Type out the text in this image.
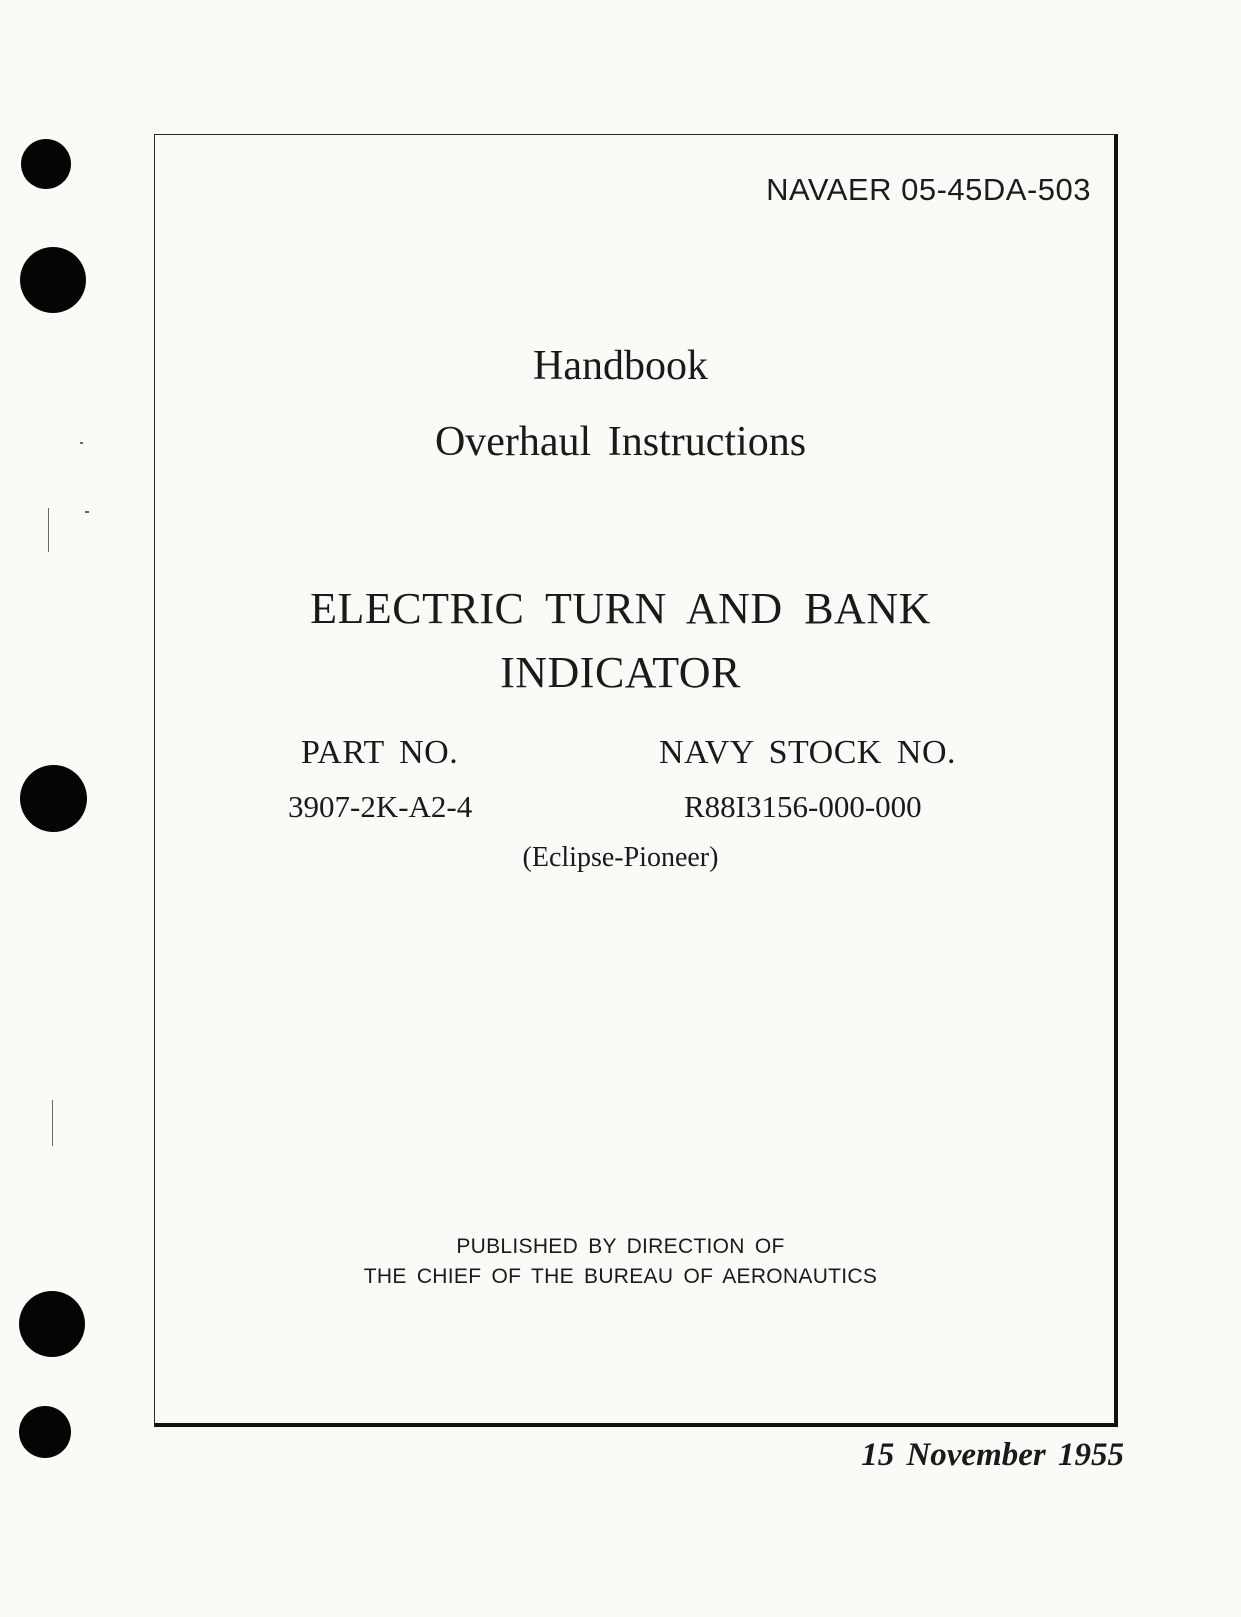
NAVAER 05-45DA-503
Handbook
Overhaul Instructions
ELECTRIC TURN AND BANK
INDICATOR
PART NO.	NAVY STOCK NO.
3907-2K-A2-4	R88I3156-000-000
(Eclipse-Pioneer)
PUBLISHED BY DIRECTION OF
THE CHIEF OF THE BUREAU OF AERONAUTICS
15 November 1955
